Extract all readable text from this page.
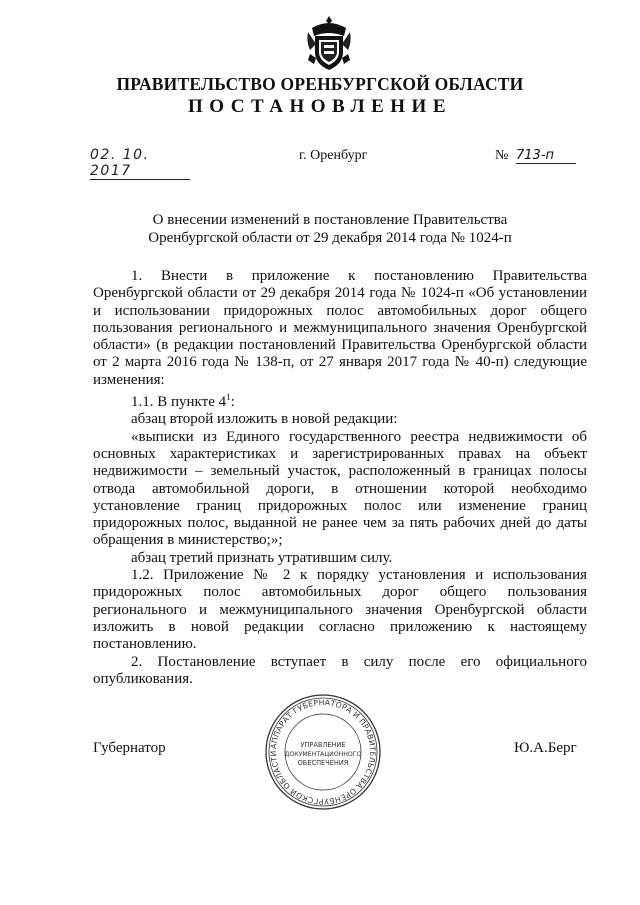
ПРАВИТЕЛЬСТВО ОРЕНБУРГСКОЙ ОБЛАСТИ
ПОСТАНОВЛЕНИЕ
02. 10. 2017
г. Оренбург	№ 713-п
О внесении изменений в постановление Правительства
Оренбургской области от 29 декабря 2014 года № 1024-п

1. Внести в приложение к постановлению Правительства Оренбургской области от 29 декабря 2014 года № 1024-п «Об установлении и использовании придорожных полос автомобильных дорог общего пользования регионального и межмуниципального значения Оренбургской области» (в редакции постановлений Правительства Оренбургской области от 2 марта 2016 года № 138-п, от 27 января 2017 года № 40-п) следующие изменения:

1.1. В пункте $4^1$:

абзац второй изложить в новой редакции:

«выписки из Единого государственного реестра недвижимости об основных характеристиках и зарегистрированных правах на объект недвижимости – земельный участок, расположенный в границах полосы отвода автомобильной дороги, в отношении которой необходимо установление границ придорожных полос или изменение границ придорожных полос, выданной не ранее чем за пять рабочих дней до даты обращения в министерство;»;

абзац третий признать утратившим силу.

1.2. Приложение № 2 к порядку установления и использования придорожных полос автомобильных дорог общего пользования регионального и межмуниципального значения Оренбургской области изложить в новой редакции согласно приложению к настоящему постановлению.

2. Постановление вступает в силу после его официального опубликования.

АППАРАТ ГУБЕРНАТОРА И ПРАВИТЕЛЬСТВА ОРЕНБУРГСКОЙ ОБЛАСТИ
УПРАВЛЕНИЕ
ДОКУМЕНТАЦИОННОГО
ОБЕСПЕЧЕНИЯ
Губернатор	Ю.А.Берг
